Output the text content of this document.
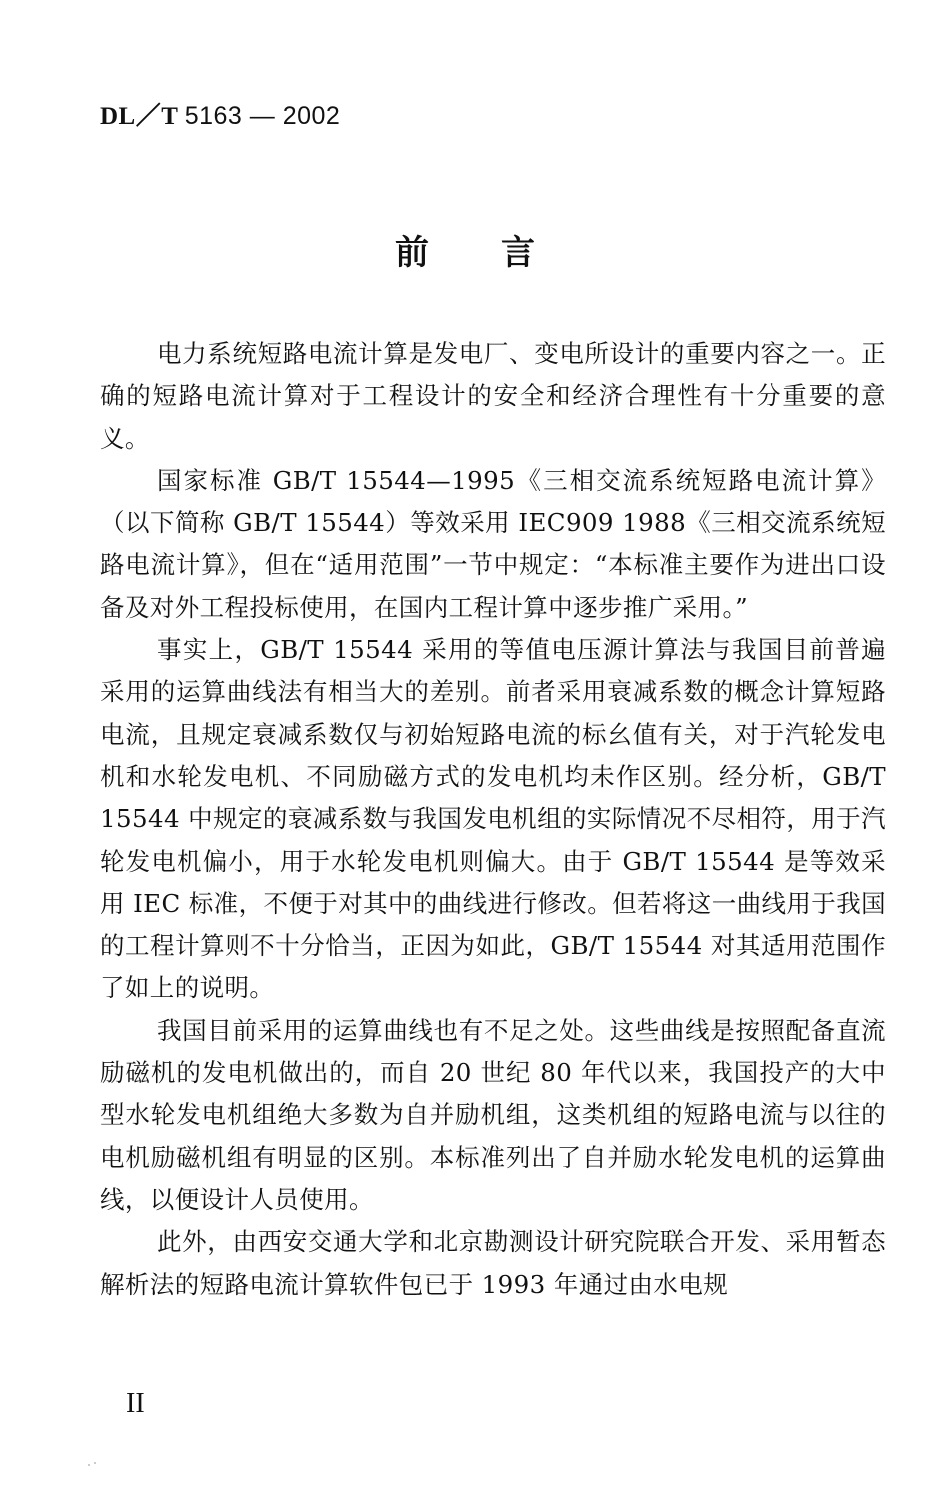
DL／T 5163 — 2002
前言

电力系统短路电流计算是发电厂、变电所设计的重要内容之一。正确的短路电流计算对于工程设计的安全和经济合理性有十分重要的意义。

国家标准 GB/T 15544—1995《三相交流系统短路电流计算》（以下简称 GB/T 15544）等效采用 IEC909 1988《三相交流系统短路电流计算》，但在“适用范围”一节中规定：“本标准主要作为进出口设备及对外工程投标使用，在国内工程计算中逐步推广采用。”

事实上，GB/T 15544 采用的等值电压源计算法与我国目前普遍采用的运算曲线法有相当大的差别。前者采用衰减系数的概念计算短路电流，且规定衰减系数仅与初始短路电流的标幺值有关，对于汽轮发电机和水轮发电机、不同励磁方式的发电机均未作区别。经分析，GB/T 15544 中规定的衰减系数与我国发电机组的实际情况不尽相符，用于汽轮发电机偏小，用于水轮发电机则偏大。由于 GB/T 15544 是等效采用 IEC 标准，不便于对其中的曲线进行修改。但若将这一曲线用于我国的工程计算则不十分恰当，正因为如此，GB/T 15544 对其适用范围作了如上的说明。

我国目前采用的运算曲线也有不足之处。这些曲线是按照配备直流励磁机的发电机做出的，而自 20 世纪 80 年代以来，我国投产的大中型水轮发电机组绝大多数为自并励机组，这类机组的短路电流与以往的电机励磁机组有明显的区别。本标准列出了自并励水轮发电机的运算曲线，以便设计人员使用。

此外，由西安交通大学和北京勘测设计研究院联合开发、采用暂态解析法的短路电流计算软件包已于 1993 年通过由水电规

II
